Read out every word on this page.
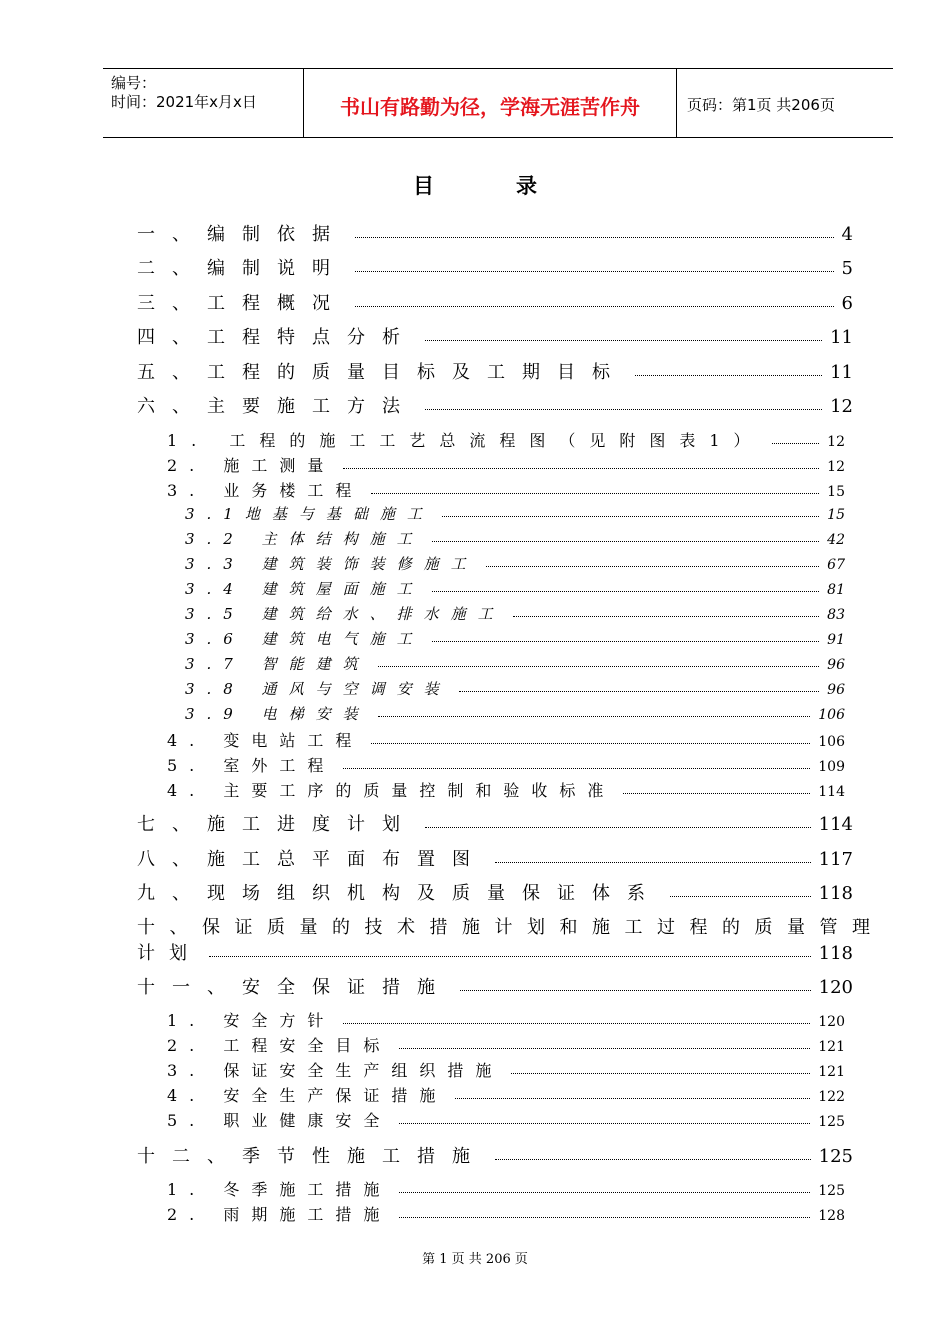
编号：
时间：2021年x月x日	书山有路勤为径，学海无涯苦作舟	页码：第1页 共206页
目录
一、编制依据	4
二、编制说明	5
三、工程概况	6
四、工程特点分析	11
五、工程的质量目标及工期目标	11
六、主要施工方法	12
1. 工程的施工工艺总流程图（见附图表1）	12
2. 施工测量	12
3. 业务楼工程	15
3.1地基与基础施工	15
3.2 主体结构施工	42
3.3 建筑装饰装修施工	67
3.4 建筑屋面施工	81
3.5 建筑给水、排水施工	83
3.6 建筑电气施工	91
3.7 智能建筑	96
3.8 通风与空调安装	96
3.9 电梯安装	106
4. 变电站工程	106
5. 室外工程	109
4. 主要工序的质量控制和验收标准	114
七、施工进度计划	114
八、施工总平面布置图	117
九、现场组织机构及质量保证体系	118
十、保证质量的技术措施计划和施工过程的质量管理
计划	118
十一、安全保证措施	120
1. 安全方针	120
2. 工程安全目标	121
3. 保证安全生产组织措施	121
4. 安全生产保证措施	122
5. 职业健康安全	125
十二、季节性施工措施	125
1. 冬季施工措施	125
2. 雨期施工措施	128
第 1 页 共 206 页
